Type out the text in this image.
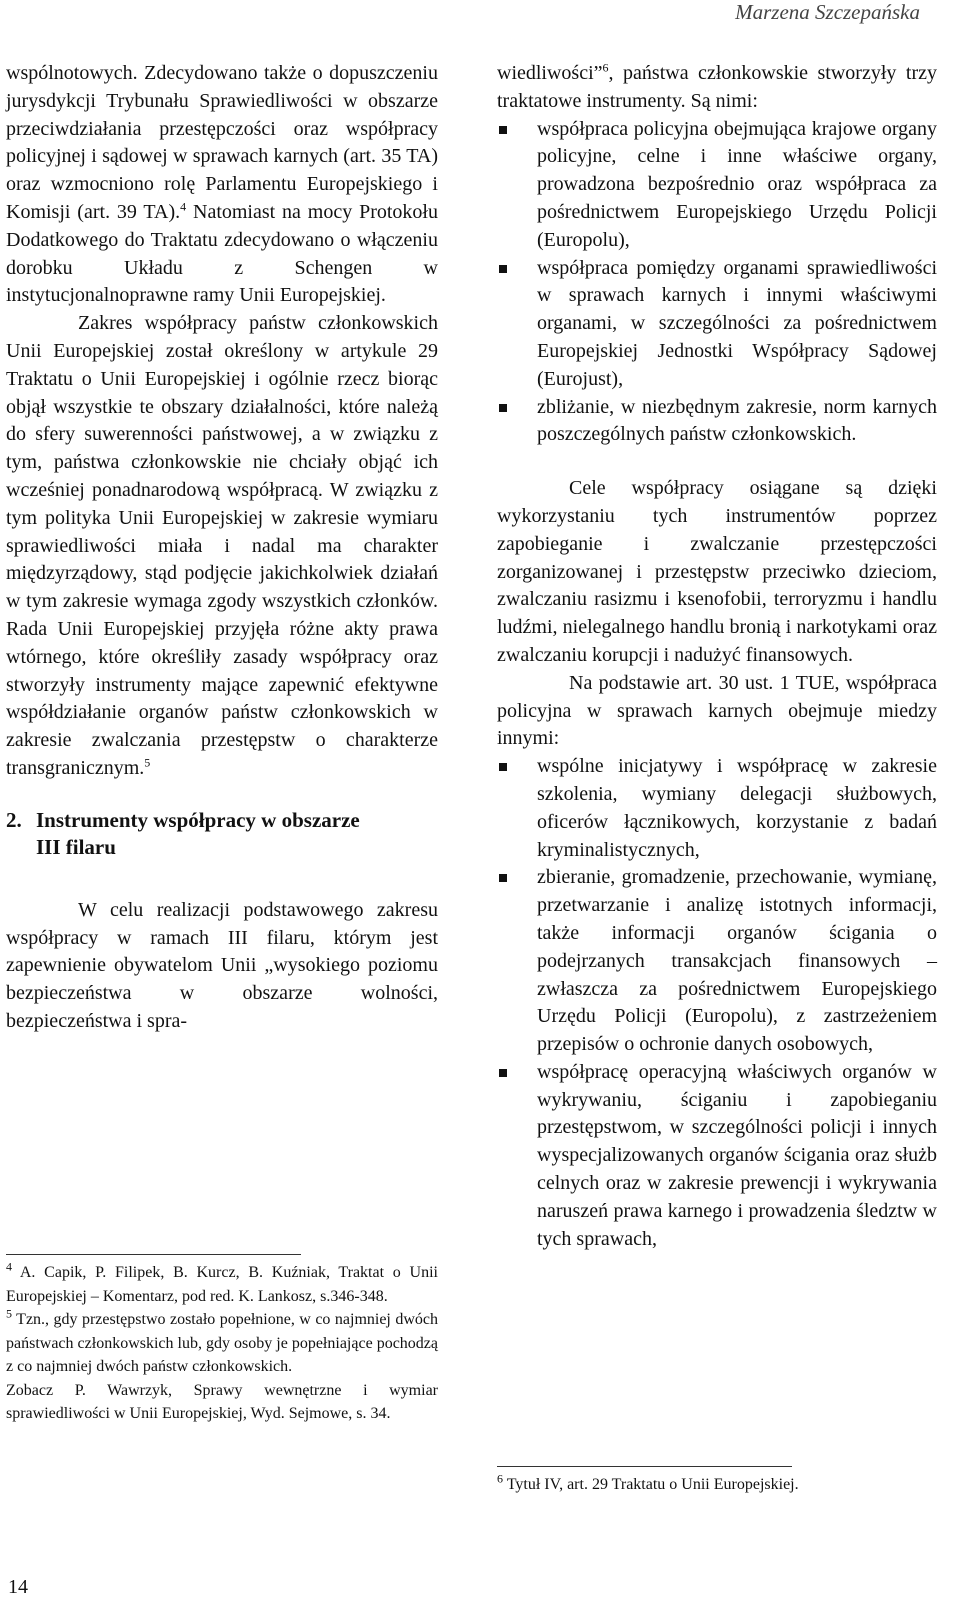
Marzena Szczepańska

wspólnotowych. Zdecydowano także o dopuszczeniu jurysdykcji Trybunału Sprawiedliwości w obszarze przeciwdziałania przestępczości oraz współpracy policyjnej i sądowej w sprawach karnych (art. 35 TA) oraz wzmocniono rolę Parlamentu Europejskiego i Komisji (art. 39 TA).$^4$ Natomiast na mocy Protokołu Dodatkowego do Traktatu zdecydowano o włączeniu dorobku Układu z Schengen w instytucjonalnoprawne ramy Unii Europejskiej.

Zakres współpracy państw członkowskich Unii Europejskiej został określony w artykule 29 Traktatu o Unii Europejskiej i ogólnie rzecz biorąc objął wszystkie te obszary działalności, które należą do sfery suwerenności państwowej, a w związku z tym, państwa członkowskie nie chciały objąć ich wcześniej ponadnarodową współpracą. W związku z tym polityka Unii Europejskiej w zakresie wymiaru sprawiedliwości miała i nadal ma charakter międzyrządowy, stąd podjęcie jakichkolwiek działań w tym zakresie wymaga zgody wszystkich członków. Rada Unii Europejskiej przyjęła różne akty prawa wtórnego, które określiły zasady współpracy oraz stworzyły instrumenty mające zapewnić efektywne współdziałanie organów państw członkowskich w zakresie zwalczania przestępstw o charakterze transgranicznym.$^5$

2. Instrumenty współpracy w obszarze
III filaru

W celu realizacji podstawowego zakresu współpracy w ramach III filaru, którym jest zapewnienie obywatelom Unii „wysokiego poziomu bezpieczeństwa w obszarze wolności, bezpieczeństwa i spra-

$^4$ A. Capik, P. Filipek, B. Kurcz, B. Kuźniak, Traktat o Unii Europejskiej – Komentarz, pod red. K. Lankosz, s.346-348.

$^5$ Tzn., gdy przestępstwo zostało popełnione, w co najmniej dwóch państwach członkowskich lub, gdy osoby je popełniające pochodzą z co najmniej dwóch państw członkowskich.

Zobacz P. Wawrzyk, Sprawy wewnętrzne i wymiar sprawiedliwości w Unii Europejskiej, Wyd. Sejmowe, s. 34.

wiedliwości”$^6$, państwa członkowskie stworzyły trzy traktatowe instrumenty. Są nimi:

współpraca policyjna obejmująca krajowe organy policyjne, celne i inne właściwe organy, prowadzona bezpośrednio oraz współpraca za pośrednictwem Europejskiego Urzędu Policji (Europolu),
współpraca pomiędzy organami sprawiedliwości w sprawach karnych i innymi właściwymi organami, w szczególności za pośrednictwem Europejskiej Jednostki Współpracy Sądowej (Eurojust),
zbliżanie, w niezbędnym zakresie, norm karnych poszczególnych państw członkowskich.

Cele współpracy osiągane są dzięki wykorzystaniu tych instrumentów poprzez zapobieganie i zwalczanie przestępczości zorganizowanej i przestępstw przeciwko dzieciom, zwalczaniu rasizmu i ksenofobii, terroryzmu i handlu ludźmi, nielegalnego handlu bronią i narkotykami oraz zwalczaniu korupcji i nadużyć finansowych.

Na podstawie art. 30 ust. 1 TUE, współpraca policyjna w sprawach karnych obejmuje miedzy innymi:

wspólne inicjatywy i współpracę w zakresie szkolenia, wymiany delegacji służbowych, oficerów łącznikowych, korzystanie z badań kryminalistycznych,
zbieranie, gromadzenie, przechowanie, wymianę, przetwarzanie i analizę istotnych informacji, także informacji organów ścigania o podejrzanych transakcjach finansowych – zwłaszcza za pośrednictwem Europejskiego Urzędu Policji (Europolu), z zastrzeżeniem przepisów o ochronie danych osobowych,
współpracę operacyjną właściwych organów w wykrywaniu, ściganiu i zapobieganiu przestępstwom, w szczególności policji i innych wyspecjalizowanych organów ścigania oraz służb celnych oraz w zakresie prewencji i wykrywania naruszeń prawa karnego i prowadzenia śledztw w tych sprawach,

$^6$ Tytuł IV, art. 29 Traktatu o Unii Europejskiej.

14
